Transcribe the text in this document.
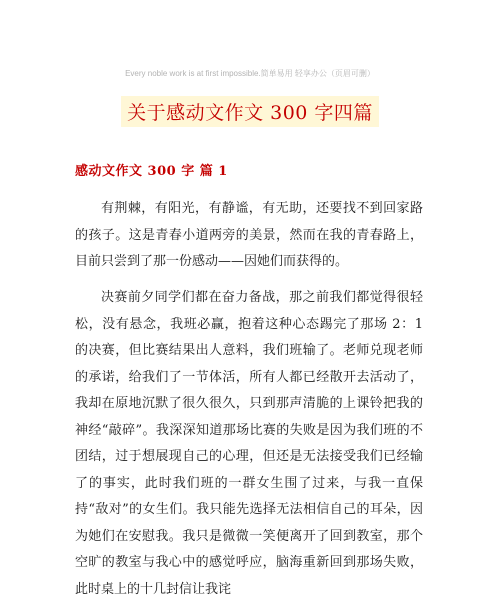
Every noble work is at first impossible.简单易用 轻享办公（页眉可删）
关于感动文作文 300 字四篇
感动文作文 300 字 篇 1

有荆棘，有阳光，有静谧，有无助，还要找不到回家路的孩子。这是青春小道两旁的美景，然而在我的青春路上，目前只尝到了那一份感动——因她们而获得的。

决赛前夕同学们都在奋力备战，那之前我们都觉得很轻松，没有悬念，我班必赢，抱着这种心态踢完了那场 2：1 的决赛，但比赛结果出人意料，我们班输了。老师兑现老师的承诺，给我们了一节体活，所有人都已经散开去活动了，我却在原地沉默了很久很久，只到那声清脆的上课铃把我的神经“敲碎”。我深深知道那场比赛的失败是因为我们班的不团结，过于想展现自己的心理，但还是无法接受我们已经输了的事实，此时我们班的一群女生围了过来，与我一直保持“敌对”的女生们。我只能先选择无法相信自己的耳朵，因为她们在安慰我。我只是微微一笑便离开了回到教室，那个空旷的教室与我心中的感觉呼应，脑海重新回到那场失败，此时桌上的十几封信让我诧
